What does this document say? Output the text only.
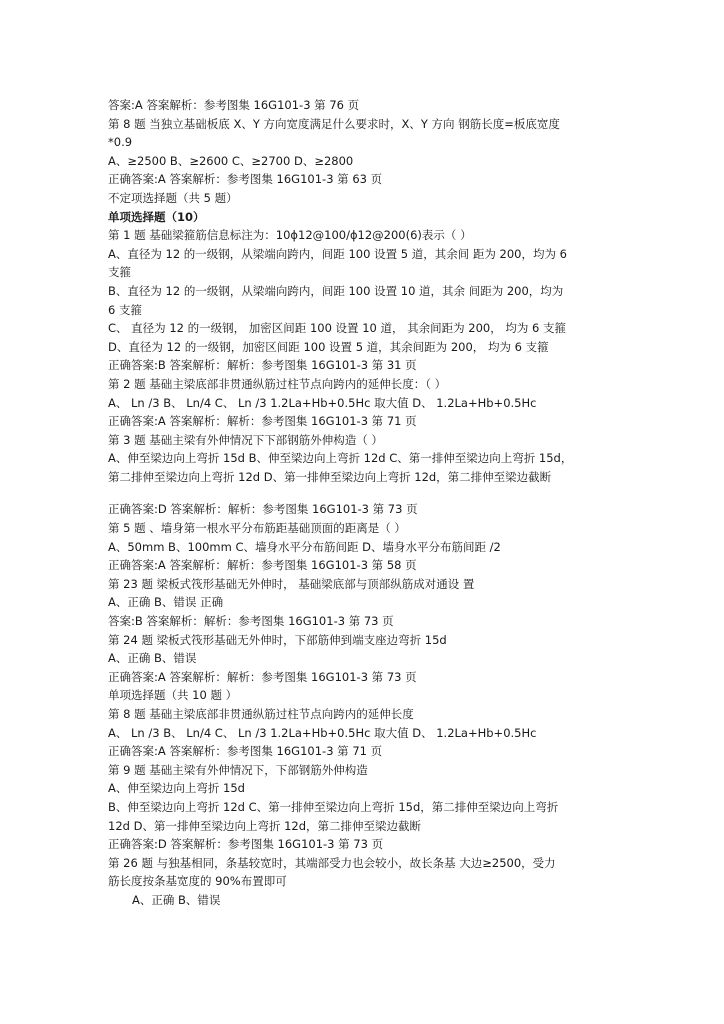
答案:A 答案解析：参考图集 16G101-3 第 76 页
第 8 题 当独立基础板底 X、Y 方向宽度满足什么要求时，X、Y 方向 钢筋长度=板底宽度
*0.9
A、≥2500 B、≥2600 C、≥2700 D、≥2800
正确答案:A 答案解析：参考图集 16G101-3 第 63 页
不定项选择题（共 5 题）
单项选择题（10）
第 1 题 基础梁箍筋信息标注为：10ϕ12@100/ϕ12@200(6)表示（ ）
A、直径为 12 的一级钢，从梁端向跨内，间距 100 设置 5 道，其余间 距为 200，均为 6
支箍
B、直径为 12 的一级钢，从梁端向跨内，间距 100 设置 10 道，其余 间距为 200，均为
6 支箍
C、 直径为 12 的一级钢， 加密区间距 100 设置 10 道， 其余间距为 200， 均为 6 支箍
D、直径为 12 的一级钢，加密区间距 100 设置 5 道，其余间距为 200， 均为 6 支箍
正确答案:B 答案解析：解析：参考图集 16G101-3 第 31 页
第 2 题 基础主梁底部非贯通纵筋过柱节点向跨内的延伸长度：（ ）
A、 Ln /3 B、 Ln/4 C、 Ln /3 1.2La+Hb+0.5Hc 取大值 D、 1.2La+Hb+0.5Hc
正确答案:A 答案解析：解析：参考图集 16G101-3 第 71 页
第 3 题 基础主梁有外伸情况下下部钢筋外伸构造（ ）
A、伸至梁边向上弯折 15d B、伸至梁边向上弯折 12d C、第一排伸至梁边向上弯折 15d，
第二排伸至梁边向上弯折 12d D、第一排伸至梁边向上弯折 12d，第二排伸至梁边截断
正确答案:D 答案解析：解析：参考图集 16G101-3 第 73 页
第 5 题 、墙身第一根水平分布筋距基础顶面的距离是（ ）
A、50mm B、100mm C、墙身水平分布筋间距 D、墙身水平分布筋间距 /2
正确答案:A 答案解析：解析：参考图集 16G101-3 第 58 页
第 23 题 梁板式筏形基础无外伸时， 基础梁底部与顶部纵筋成对通设 置
A、正确 B、错误 正确
答案:B 答案解析：解析：参考图集 16G101-3 第 73 页
第 24 题 梁板式筏形基础无外伸时，下部筋伸到端支座边弯折 15d
A、正确 B、错误
正确答案:A 答案解析：解析：参考图集 16G101-3 第 73 页
单项选择题（共 10 题 ）
第 8 题 基础主梁底部非贯通纵筋过柱节点向跨内的延伸长度
A、 Ln /3 B、 Ln/4 C、 Ln /3 1.2La+Hb+0.5Hc 取大值 D、 1.2La+Hb+0.5Hc
正确答案:A 答案解析：参考图集 16G101-3 第 71 页
第 9 题 基础主梁有外伸情况下，下部钢筋外伸构造
A、伸至梁边向上弯折 15d
B、伸至梁边向上弯折 12d C、第一排伸至梁边向上弯折 15d，第二排伸至梁边向上弯折
12d D、第一排伸至梁边向上弯折 12d，第二排伸至梁边截断
正确答案:D 答案解析：参考图集 16G101-3 第 73 页
第 26 题 与独基相同，条基较宽时，其端部受力也会较小，故长条基 大边≥2500，受力
筋长度按条基宽度的 90%布置即可
A、正确 B、错误
